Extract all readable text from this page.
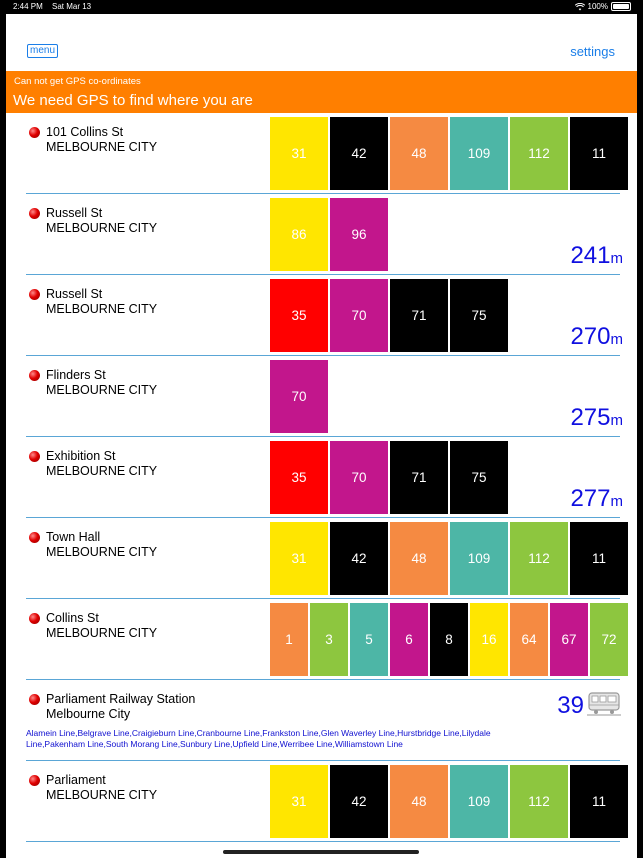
2:44 PM Sat Mar 13	100%
menu	settings
Can not get GPS co-ordinates
We need GPS to find where you are
101 Collins St
MELBOURNE CITY	31	42	48	109	112	11
Russell St
MELBOURNE CITY	86	96
241m
Russell St
MELBOURNE CITY	35	70	71	75
270m
Flinders St
MELBOURNE CITY	70
275m
Exhibition St
MELBOURNE CITY	35	70	71	75
277m
Town Hall
MELBOURNE CITY	31	42	48	109	112	11
Collins St
MELBOURNE CITY	1	3	5	6	8	16	64	67	72
Parliament Railway Station
Melbourne City
Alamein Line,Belgrave Line,Craigieburn Line,Cranbourne Line,Frankston Line,Glen Waverley Line,Hurstbridge Line,Lilydale Line,Pakenham Line,South Morang Line,Sunbury Line,Upfield Line,Werribee Line,Williamstown Line
39
Parliament
MELBOURNE CITY	31	42	48	109	112	11
